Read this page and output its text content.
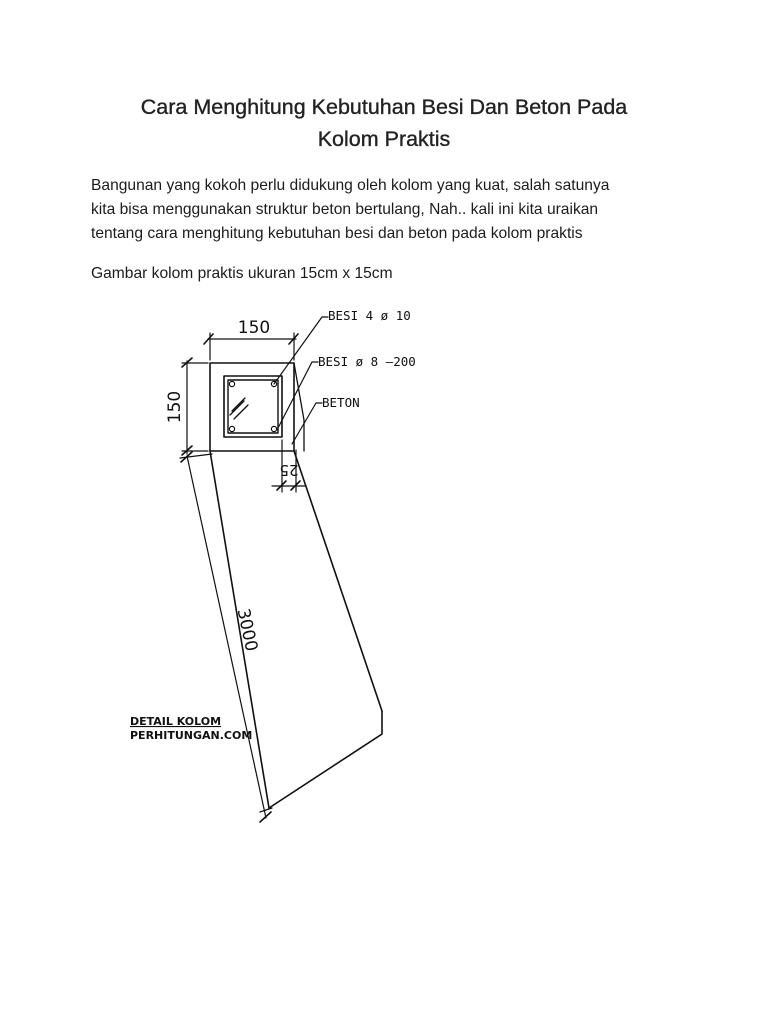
Cara Menghitung Kebutuhan Besi Dan Beton Pada
Kolom Praktis

Bangunan yang kokoh perlu didukung oleh kolom yang kuat, salah satunya
kita bisa menggunakan struktur beton bertulang, Nah.. kali ini kita uraikan
tentang cara menghitung kebutuhan besi dan beton pada kolom praktis

Gambar kolom praktis ukuran 15cm x 15cm

150
150
25
3000
BESI 4 ø 10
BESI ø 8 –200
BETON
DETAIL KOLOM
PERHITUNGAN.COM
